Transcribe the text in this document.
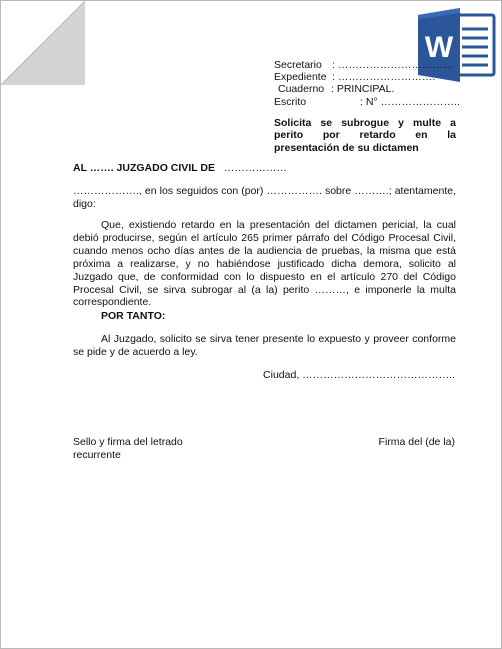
W
Secretario : ……………………………
Expediente : ……………………….
Cuaderno : PRINCIPAL.
Escrito	: N° …………………..
Solicita se subrogue y multe a perito por retardo en la presentación de su dictamen
AL ……. JUZGADO CIVIL DE ………………
………………., en los seguidos con (por) ……………. sobre ……….; atentamente, digo:
Que, existiendo retardo en la presentación del dictamen pericial, la cual debió producirse, según el artículo 265 primer párrafo del Código Procesal Civil, cuando menos ocho días antes de la audiencia de pruebas, la misma que está próxima a realizarse, y no habiéndose justificado dicha demora, solicito al Juzgado que, de conformidad con lo dispuesto en el artículo 270 del Código Procesal Civil, se sirva subrogar al (a la) perito ………, e imponerle la multa correspondiente.
POR TANTO:
Al Juzgado, solicito se sirva tener presente lo expuesto y proveer conforme se pide y de acuerdo a ley.
Ciudad, ……………………………………..
Sello y firma del letrado recurrente
Firma del (de la)
